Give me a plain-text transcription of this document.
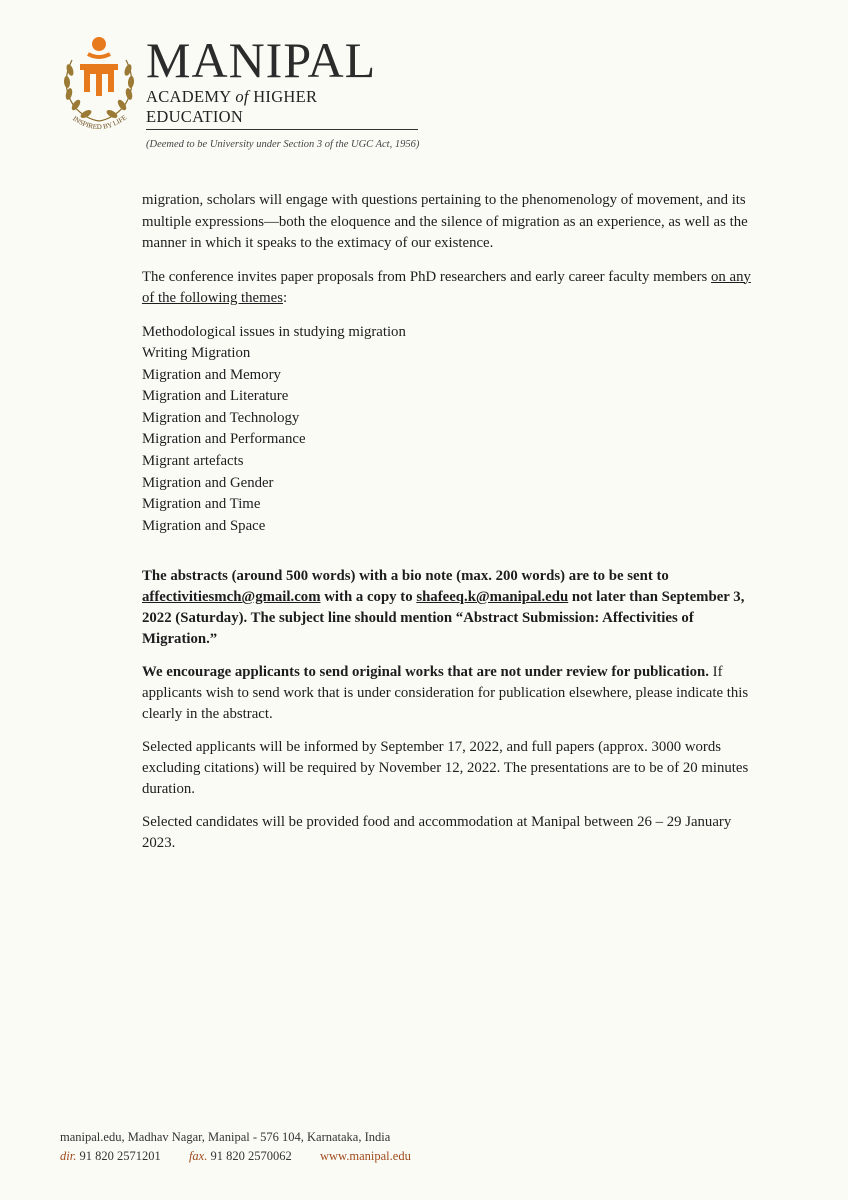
INSPIRED BY LIFE
MANIPAL
ACADEMY of HIGHER EDUCATION
(Deemed to be University under Section 3 of the UGC Act, 1956)

migration, scholars will engage with questions pertaining to the phenomenology of movement, and its multiple expressions—both the eloquence and the silence of migration as an experience, as well as the manner in which it speaks to the extimacy of our existence.

The conference invites paper proposals from PhD researchers and early career faculty members on any of the following themes:

Methodological issues in studying migration
Writing Migration
Migration and Memory
Migration and Literature
Migration and Technology
Migration and Performance
Migrant artefacts
Migration and Gender
Migration and Time
Migration and Space

The abstracts (around 500 words) with a bio note (max. 200 words) are to be sent to affectivitiesmch@gmail.com with a copy to shafeeq.k@manipal.edu not later than September 3, 2022 (Saturday). The subject line should mention “Abstract Submission: Affectivities of Migration.”

We encourage applicants to send original works that are not under review for publication. If applicants wish to send work that is under consideration for publication elsewhere, please indicate this clearly in the abstract.

Selected applicants will be informed by September 17, 2022, and full papers (approx. 3000 words excluding citations) will be required by November 12, 2022. The presentations are to be of 20 minutes duration.

Selected candidates will be provided food and accommodation at Manipal between 26 – 29 January 2023.

manipal.edu, Madhav Nagar, Manipal - 576 104, Karnataka, India
dir. 91 820 2571201 fax. 91 820 2570062 www.manipal.edu
